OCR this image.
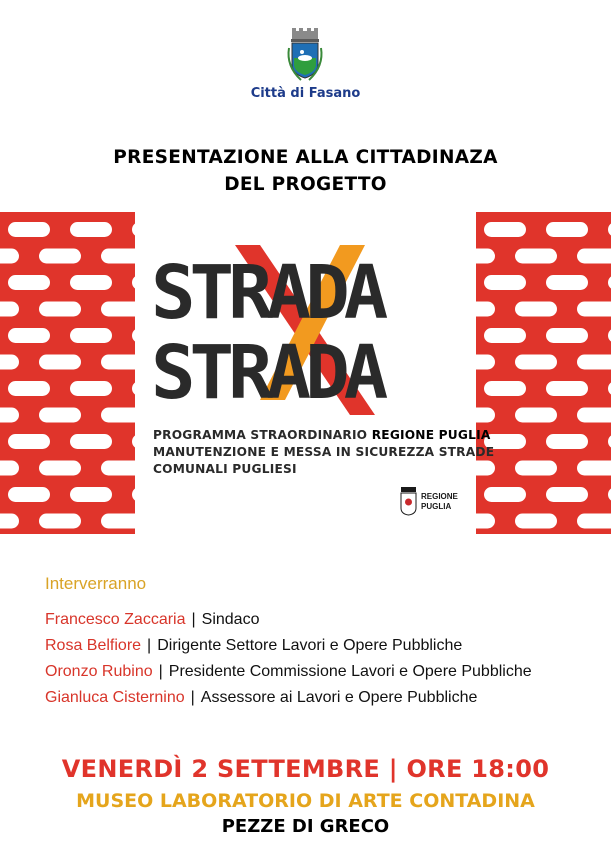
Città di Fasano
PRESENTAZIONE ALLA CITTADINAZA
DEL PROGETTO
STRADA
STRADA
PROGRAMMA STRAORDINARIO REGIONE PUGLIA
MANUTENZIONE E MESSA IN SICUREZZA STRADE
COMUNALI PUGLIESI
REGIONE
PUGLIA
Interverranno
Francesco Zaccaria | Sindaco
Rosa Belfiore | Dirigente Settore Lavori e Opere Pubbliche
Oronzo Rubino | Presidente Commissione Lavori e Opere Pubbliche
Gianluca Cisternino | Assessore ai Lavori e Opere Pubbliche
VENERDÌ 2 SETTEMBRE | ORE 18:00
MUSEO LABORATORIO DI ARTE CONTADINA
PEZZE DI GRECO
